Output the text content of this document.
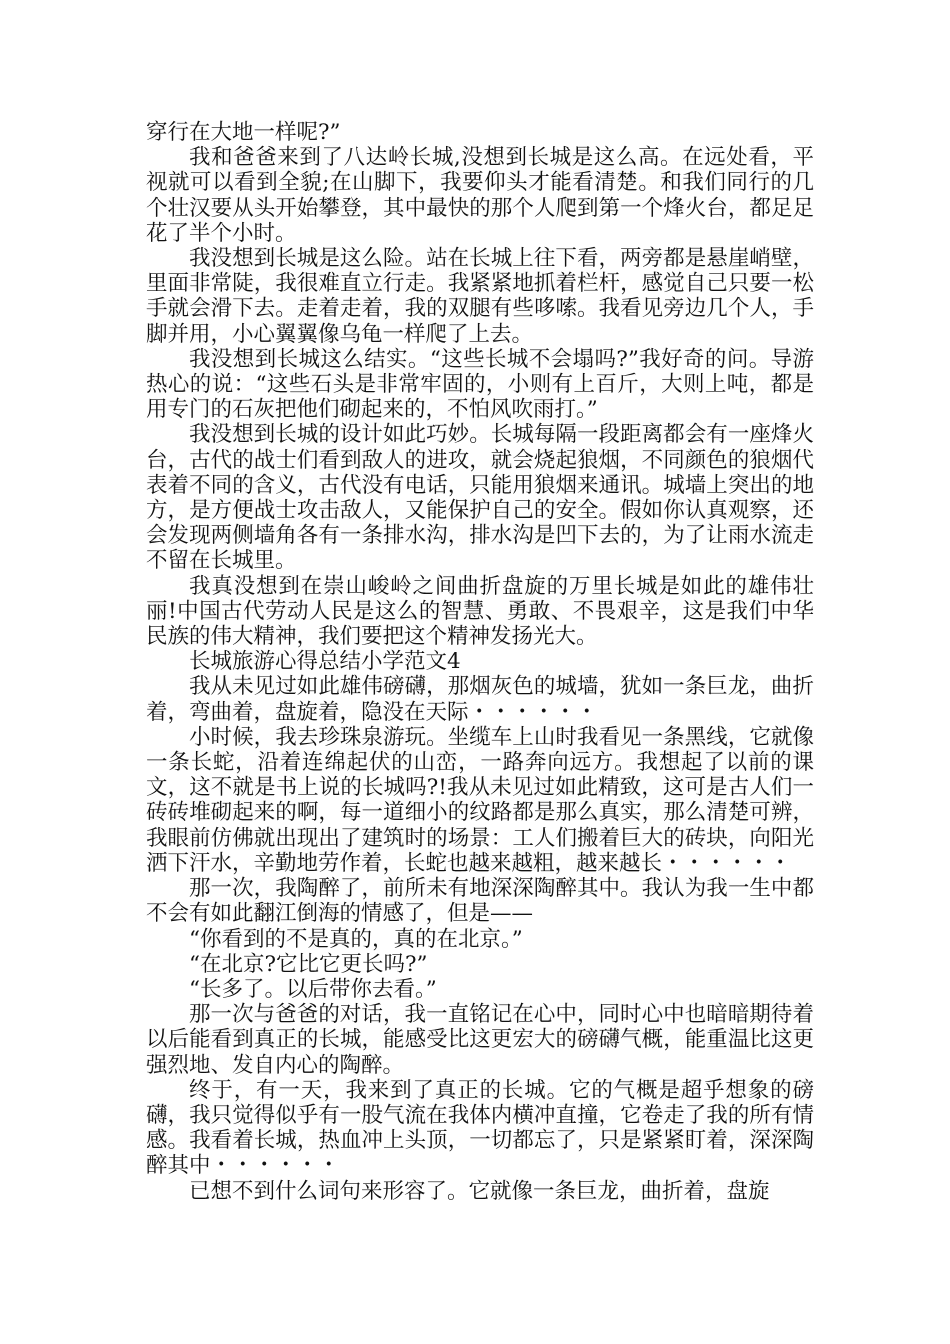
穿行在大地一样呢?”

我和爸爸来到了八达岭长城,没想到长城是这么高。在远处看，平视就可以看到全貌;在山脚下，我要仰头才能看清楚。和我们同行的几个壮汉要从头开始攀登，其中最快的那个人爬到第一个烽火台，都足足花了半个小时。

我没想到长城是这么险。站在长城上往下看，两旁都是悬崖峭壁，里面非常陡，我很难直立行走。我紧紧地抓着栏杆，感觉自己只要一松手就会滑下去。走着走着，我的双腿有些哆嗦。我看见旁边几个人，手脚并用，小心翼翼像乌龟一样爬了上去。

我没想到长城这么结实。“这些长城不会塌吗?”我好奇的问。导游热心的说：“这些石头是非常牢固的，小则有上百斤，大则上吨，都是用专门的石灰把他们砌起来的，不怕风吹雨打。”

我没想到长城的设计如此巧妙。长城每隔一段距离都会有一座烽火台，古代的战士们看到敌人的进攻，就会烧起狼烟，不同颜色的狼烟代表着不同的含义，古代没有电话，只能用狼烟来通讯。城墙上突出的地方，是方便战士攻击敌人，又能保护自己的安全。假如你认真观察，还会发现两侧墙角各有一条排水沟，排水沟是凹下去的，为了让雨水流走不留在长城里。

我真没想到在崇山峻岭之间曲折盘旋的万里长城是如此的雄伟壮丽!中国古代劳动人民是这么的智慧、勇敢、不畏艰辛，这是我们中华民族的伟大精神，我们要把这个精神发扬光大。

长城旅游心得总结小学范文4

我从未见过如此雄伟磅礴，那烟灰色的城墙，犹如一条巨龙，曲折着，弯曲着，盘旋着，隐没在天际・・・・・・

小时候，我去珍珠泉游玩。坐缆车上山时我看见一条黑线，它就像一条长蛇，沿着连绵起伏的山峦，一路奔向远方。我想起了以前的课文，这不就是书上说的长城吗?!我从未见过如此精致，这可是古人们一砖砖堆砌起来的啊，每一道细小的纹路都是那么真实，那么清楚可辨，我眼前仿佛就出现出了建筑时的场景：工人们搬着巨大的砖块，向阳光洒下汗水，辛勤地劳作着，长蛇也越来越粗，越来越长・・・・・・

那一次，我陶醉了，前所未有地深深陶醉其中。我认为我一生中都不会有如此翻江倒海的情感了，但是——

“你看到的不是真的，真的在北京。”

“在北京?它比它更长吗?”

“长多了。以后带你去看。”

那一次与爸爸的对话，我一直铭记在心中，同时心中也暗暗期待着以后能看到真正的长城，能感受比这更宏大的磅礴气概，能重温比这更强烈地、发自内心的陶醉。

终于，有一天，我来到了真正的长城。它的气概是超乎想象的磅礴，我只觉得似乎有一股气流在我体内横冲直撞，它卷走了我的所有情感。我看着长城，热血冲上头顶，一切都忘了，只是紧紧盯着，深深陶醉其中・・・・・・

已想不到什么词句来形容了。它就像一条巨龙，曲折着，盘旋
